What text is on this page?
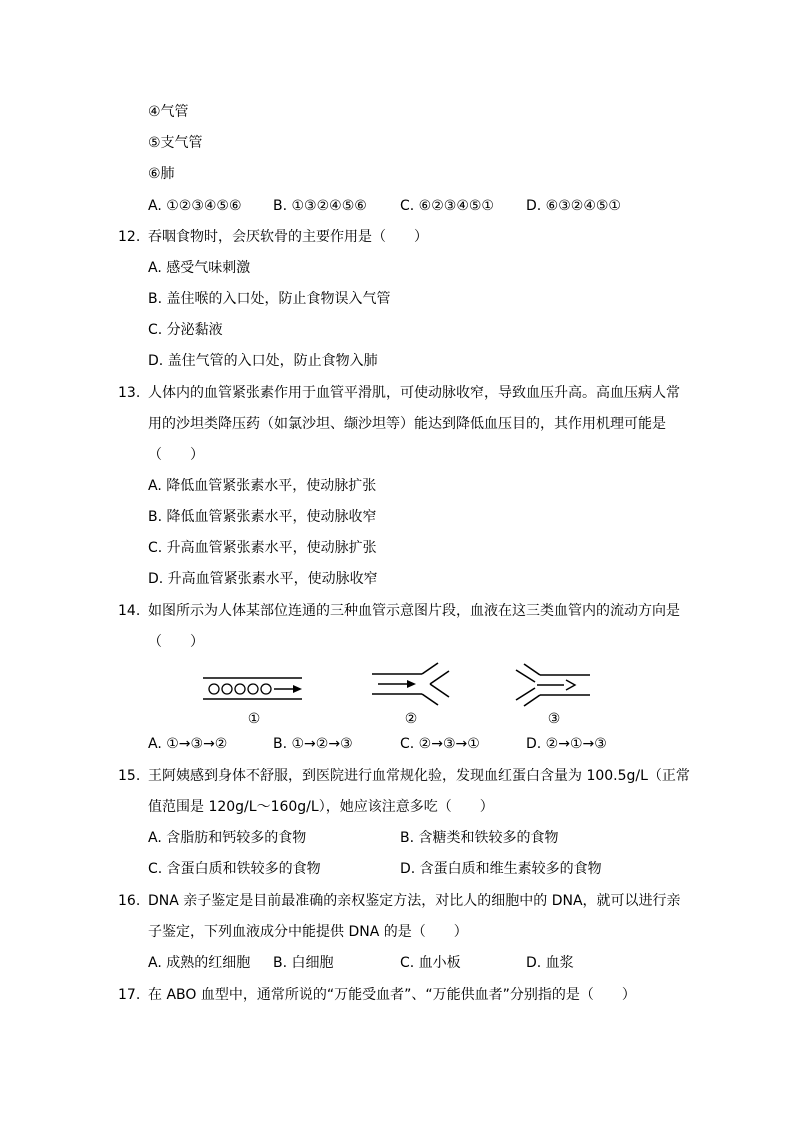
④气管
⑤支气管
⑥肺
A. ①②③④⑤⑥ B. ①③②④⑤⑥ C. ⑥②③④⑤① D. ⑥③②④⑤①
12. 吞咽食物时，会厌软骨的主要作用是（　　）
A. 感受气味刺激
B. 盖住喉的入口处，防止食物误入气管
C. 分泌黏液
D. 盖住气管的入口处，防止食物入肺
13. 人体内的血管紧张素作用于血管平滑肌，可使动脉收窄，导致血压升高。高血压病人常
用的沙坦类降压药（如氯沙坦、缬沙坦等）能达到降低血压目的，其作用机理可能是
（　　）
A. 降低血管紧张素水平，使动脉扩张
B. 降低血管紧张素水平，使动脉收窄
C. 升高血管紧张素水平，使动脉扩张
D. 升高血管紧张素水平，使动脉收窄
14. 如图所示为人体某部位连通的三种血管示意图片段，血液在这三类血管内的流动方向是
（　　）
①	②	③
A. ①→③→②	B. ①→②→③	C. ②→③→①	D. ②→①→③
15. 王阿姨感到身体不舒服，到医院进行血常规化验，发现血红蛋白含量为 100.5g/L（正常
值范围是 120g/L～160g/L），她应该注意多吃（　　）
A. 含脂肪和钙较多的食物	B. 含糖类和铁较多的食物
C. 含蛋白质和铁较多的食物	D. 含蛋白质和维生素较多的食物
16. DNA 亲子鉴定是目前最准确的亲权鉴定方法，对比人的细胞中的 DNA，就可以进行亲
子鉴定，下列血液成分中能提供 DNA 的是（　　）
A. 成熟的红细胞 B. 白细胞	C. 血小板	D. 血浆
17. 在 ABO 血型中，通常所说的“万能受血者”、“万能供血者”分别指的是（　　）
